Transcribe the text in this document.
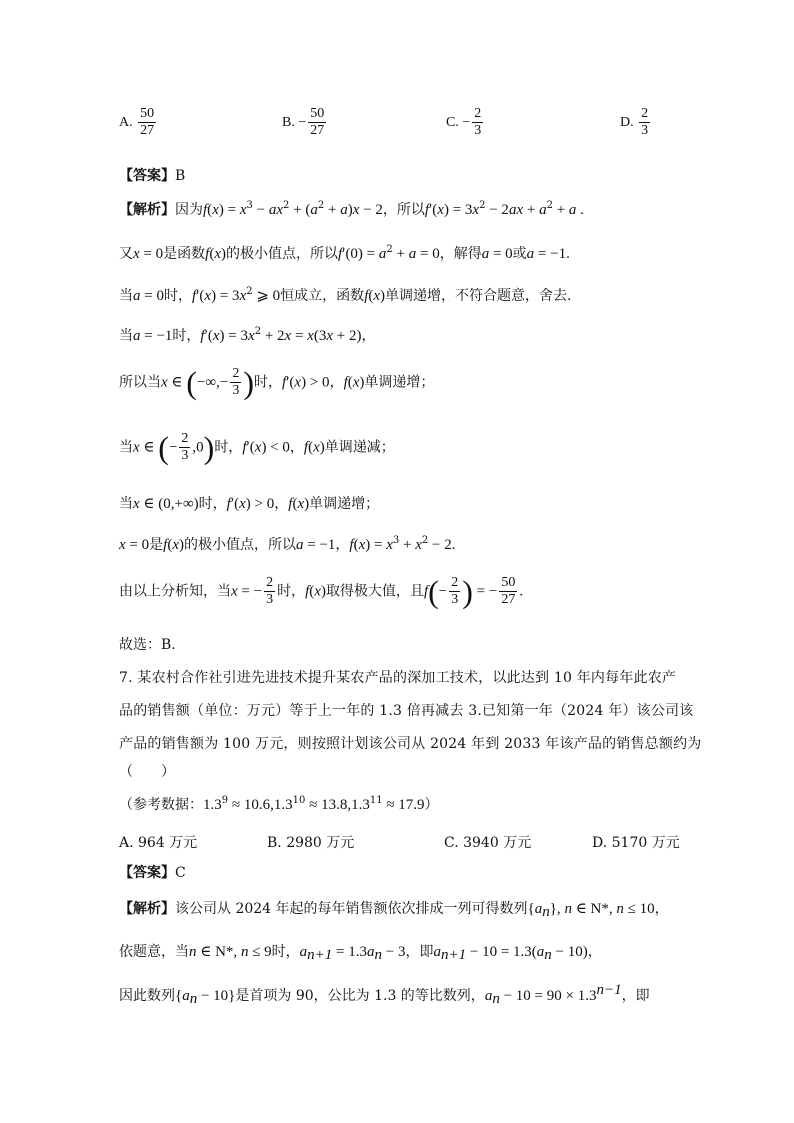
A. $\frac{50}{27}$	B. − $\frac{50}{27}$	C. − $\frac{2}{3}$	D. $\frac{2}{3}$
【答案】B
【解析】因为$f(x) = x^3 - ax^2 + (a^2 + a)x - 2$，所以$f'(x) = 3x^2 - 2ax + a^2 + a$ .
又x = 0是函数f(x)的极小值点，所以$f'(0) = a^2 + a = 0$，解得a = 0或a = −1.
当a = 0时，$f'(x) = 3x^2$ ⩾ 0恒成立，函数f(x)单调递增，不符合题意，舍去.
当a = −1时，$f'(x) = 3x^2 + 2x = x(3x + 2)$，
所以当x ∈ (−∞,− $\frac{2}{3}$ )时，f′(x) > 0，f(x)单调递增；
当x ∈ (− $\frac{2}{3} ,0$)时，f′(x) < 0，f(x)单调递减；
当x ∈ (0,+∞)时，f′(x) > 0，f(x)单调递增；
x = 0是f(x)的极小值点，所以a = −1，$f(x) = x^3 + x^2 - 2$.
由以上分析知，当x = − $\frac{2}{3}$ 时，f(x)取得极大值，且$f(- \frac{2}{3}$ ) = − $\frac{50}{27}$ .
故选：B.
7. 某农村合作社引进先进技术提升某农产品的深加工技术，以此达到 10 年内每年此农产
品的销售额（单位：万元）等于上一年的 1.3 倍再减去 3.已知第一年（2024 年）该公司该
产品的销售额为 100 万元，则按照计划该公司从 2024 年到 2033 年该产品的销售总额约为
（　　）
（参考数据：$1.3^9 \approx 10.6,1.3^{10} \approx 13.8,1.3^{11} \approx 17.9$）
A. 964 万元	B. 2980 万元	C. 3940 万元	D. 5170 万元
【答案】C
【解析】该公司从 2024 年起的每年销售额依次排成一列可得数列$\{a_n\}$, n ∈ N*, n ≤ 10，
依题意，当n ∈ N*, n ≤ 9时，$a_{n+1} = 1.3a_n - 3$，即$a_{n+1} - 10 = 1.3(a_n - 10)$，
因此数列$\{a_n - 10\}$是首项为 90，公比为 1.3 的等比数列，$a_n - 10 = 90 \times 1.3^{n-1}$，即
